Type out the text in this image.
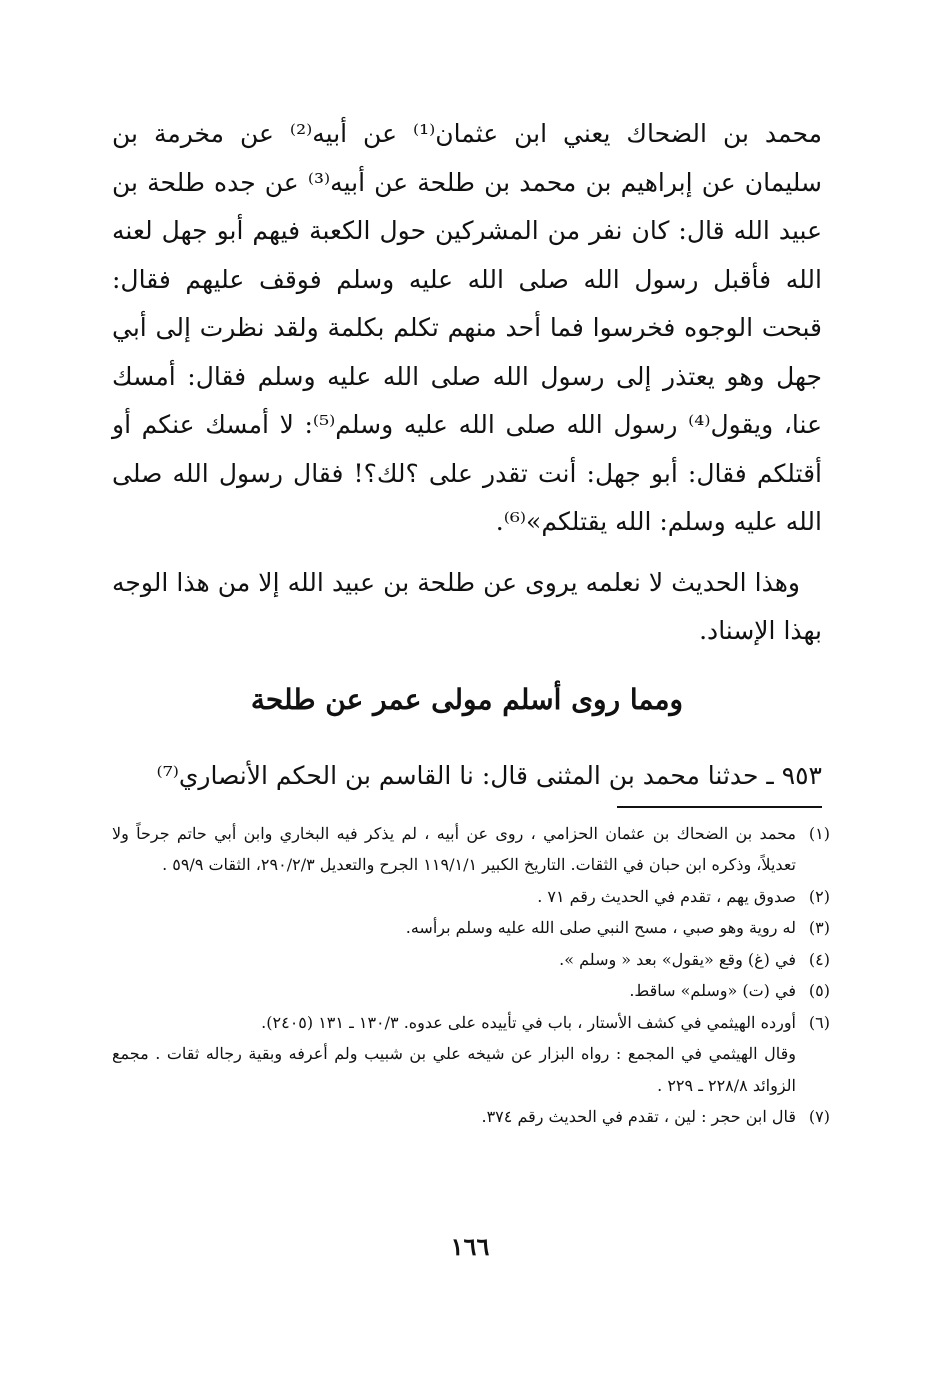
محمد بن الضحاك يعني ابن عثمان⁽¹⁾ عن أبيه⁽²⁾ عن مخرمة بن سليمان عن إبراهيم بن محمد بن طلحة عن أبيه⁽³⁾ عن جده طلحة بن عبيد الله قال: كان نفر من المشركين حول الكعبة فيهم أبو جهل لعنه الله فأقبل رسول الله صلى الله عليه وسلم فوقف عليهم فقال: قبحت الوجوه فخرسوا فما أحد منهم تكلم بكلمة ولقد نظرت إلى أبي جهل وهو يعتذر إلى رسول الله صلى الله عليه وسلم فقال: أمسك عنا، ويقول⁽⁴⁾ رسول الله صلى الله عليه وسلم⁽⁵⁾: لا أمسك عنكم أو أقتلكم فقال: أبو جهل: أنت تقدر على ؟لك؟! فقال رسول الله صلى الله عليه وسلم: الله يقتلكم»⁽⁶⁾.

وهذا الحديث لا نعلمه يروى عن طلحة بن عبيد الله إلا من هذا الوجه بهذا الإسناد.

ومما روى أسلم مولى عمر عن طلحة
٩٥٣ ـ حدثنا محمد بن المثنى قال: نا القاسم بن الحكم الأنصاري⁽⁷⁾
(١)
محمد بن الضحاك بن عثمان الحزامي ، روى عن أبيه ، لم يذكر فيه البخاري وابن أبي حاتم جرحاً ولا تعديلاً، وذكره ابن حبان في الثقات. التاريخ الكبير ١١٩/١/١ الجرح والتعديل ٢٩٠/٢/٣، الثقات ٥٩/٩ .
(٢)
صدوق يهم ، تقدم في الحديث رقم ٧١ .
(٣)
له روية وهو صبي ، مسح النبي صلى الله عليه وسلم برأسه.
(٤)
في (غ) وقع «يقول» بعد « وسلم ».
(٥)
في (ت) «وسلم» ساقط.
(٦)
أورده الهيثمي في كشف الأستار ، باب في تأييده على عدوه. ١٣٠/٣ ـ ١٣١ (٢٤٠٥).
وقال الهيثمي في المجمع : رواه البزار عن شيخه علي بن شبيب ولم أعرفه وبقية رجاله ثقات . مجمع الزوائد ٢٢٨/٨ ـ ٢٢٩ .
(٧)
قال ابن حجر : لين ، تقدم في الحديث رقم ٣٧٤.
١٦٦
